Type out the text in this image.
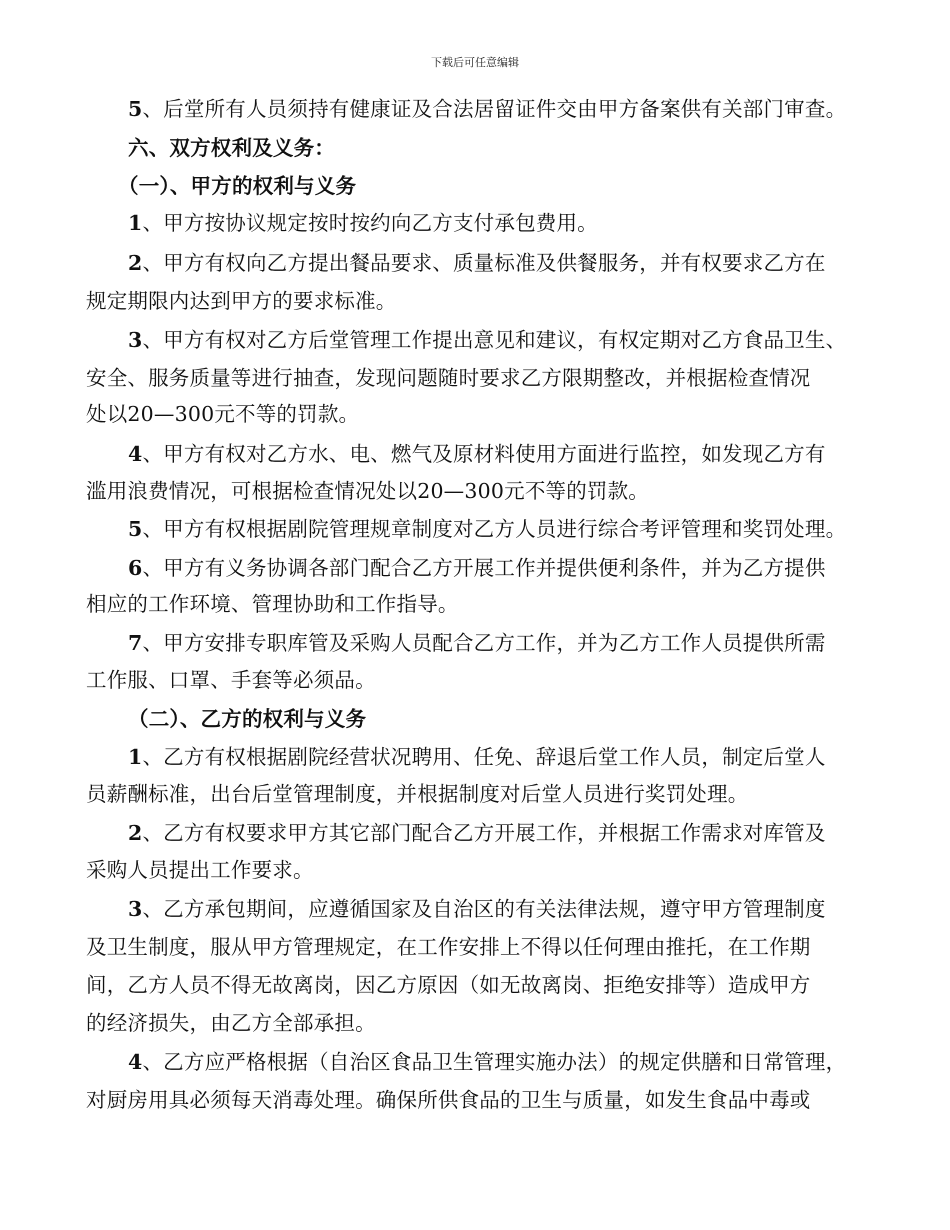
下载后可任意编辑
5、后堂所有人员须持有健康证及合法居留证件交由甲方备案供有关部门审查。
六、双方权利及义务：
（一）、甲方的权利与义务
1、甲方按协议规定按时按约向乙方支付承包费用。
2、甲方有权向乙方提出餐品要求、质量标准及供餐服务，并有权要求乙方在
规定期限内达到甲方的要求标准。
3、甲方有权对乙方后堂管理工作提出意见和建议，有权定期对乙方食品卫生、
安全、服务质量等进行抽查，发现问题随时要求乙方限期整改，并根据检查情况
处以20—300元不等的罚款。
4、甲方有权对乙方水、电、燃气及原材料使用方面进行监控，如发现乙方有
滥用浪费情况，可根据检查情况处以20—300元不等的罚款。
5、甲方有权根据剧院管理规章制度对乙方人员进行综合考评管理和奖罚处理。
6、甲方有义务协调各部门配合乙方开展工作并提供便利条件，并为乙方提供
相应的工作环境、管理协助和工作指导。
7、甲方安排专职库管及采购人员配合乙方工作，并为乙方工作人员提供所需
工作服、口罩、手套等必须品。
（二）、乙方的权利与义务
1、乙方有权根据剧院经营状况聘用、任免、辞退后堂工作人员，制定后堂人
员薪酬标准，出台后堂管理制度，并根据制度对后堂人员进行奖罚处理。
2、乙方有权要求甲方其它部门配合乙方开展工作，并根据工作需求对库管及
采购人员提出工作要求。
3、乙方承包期间，应遵循国家及自治区的有关法律法规，遵守甲方管理制度
及卫生制度，服从甲方管理规定，在工作安排上不得以任何理由推托，在工作期
间，乙方人员不得无故离岗，因乙方原因（如无故离岗、拒绝安排等）造成甲方
的经济损失，由乙方全部承担。
4、乙方应严格根据（自治区食品卫生管理实施办法）的规定供膳和日常管理，
对厨房用具必须每天消毒处理。确保所供食品的卫生与质量，如发生食品中毒或
